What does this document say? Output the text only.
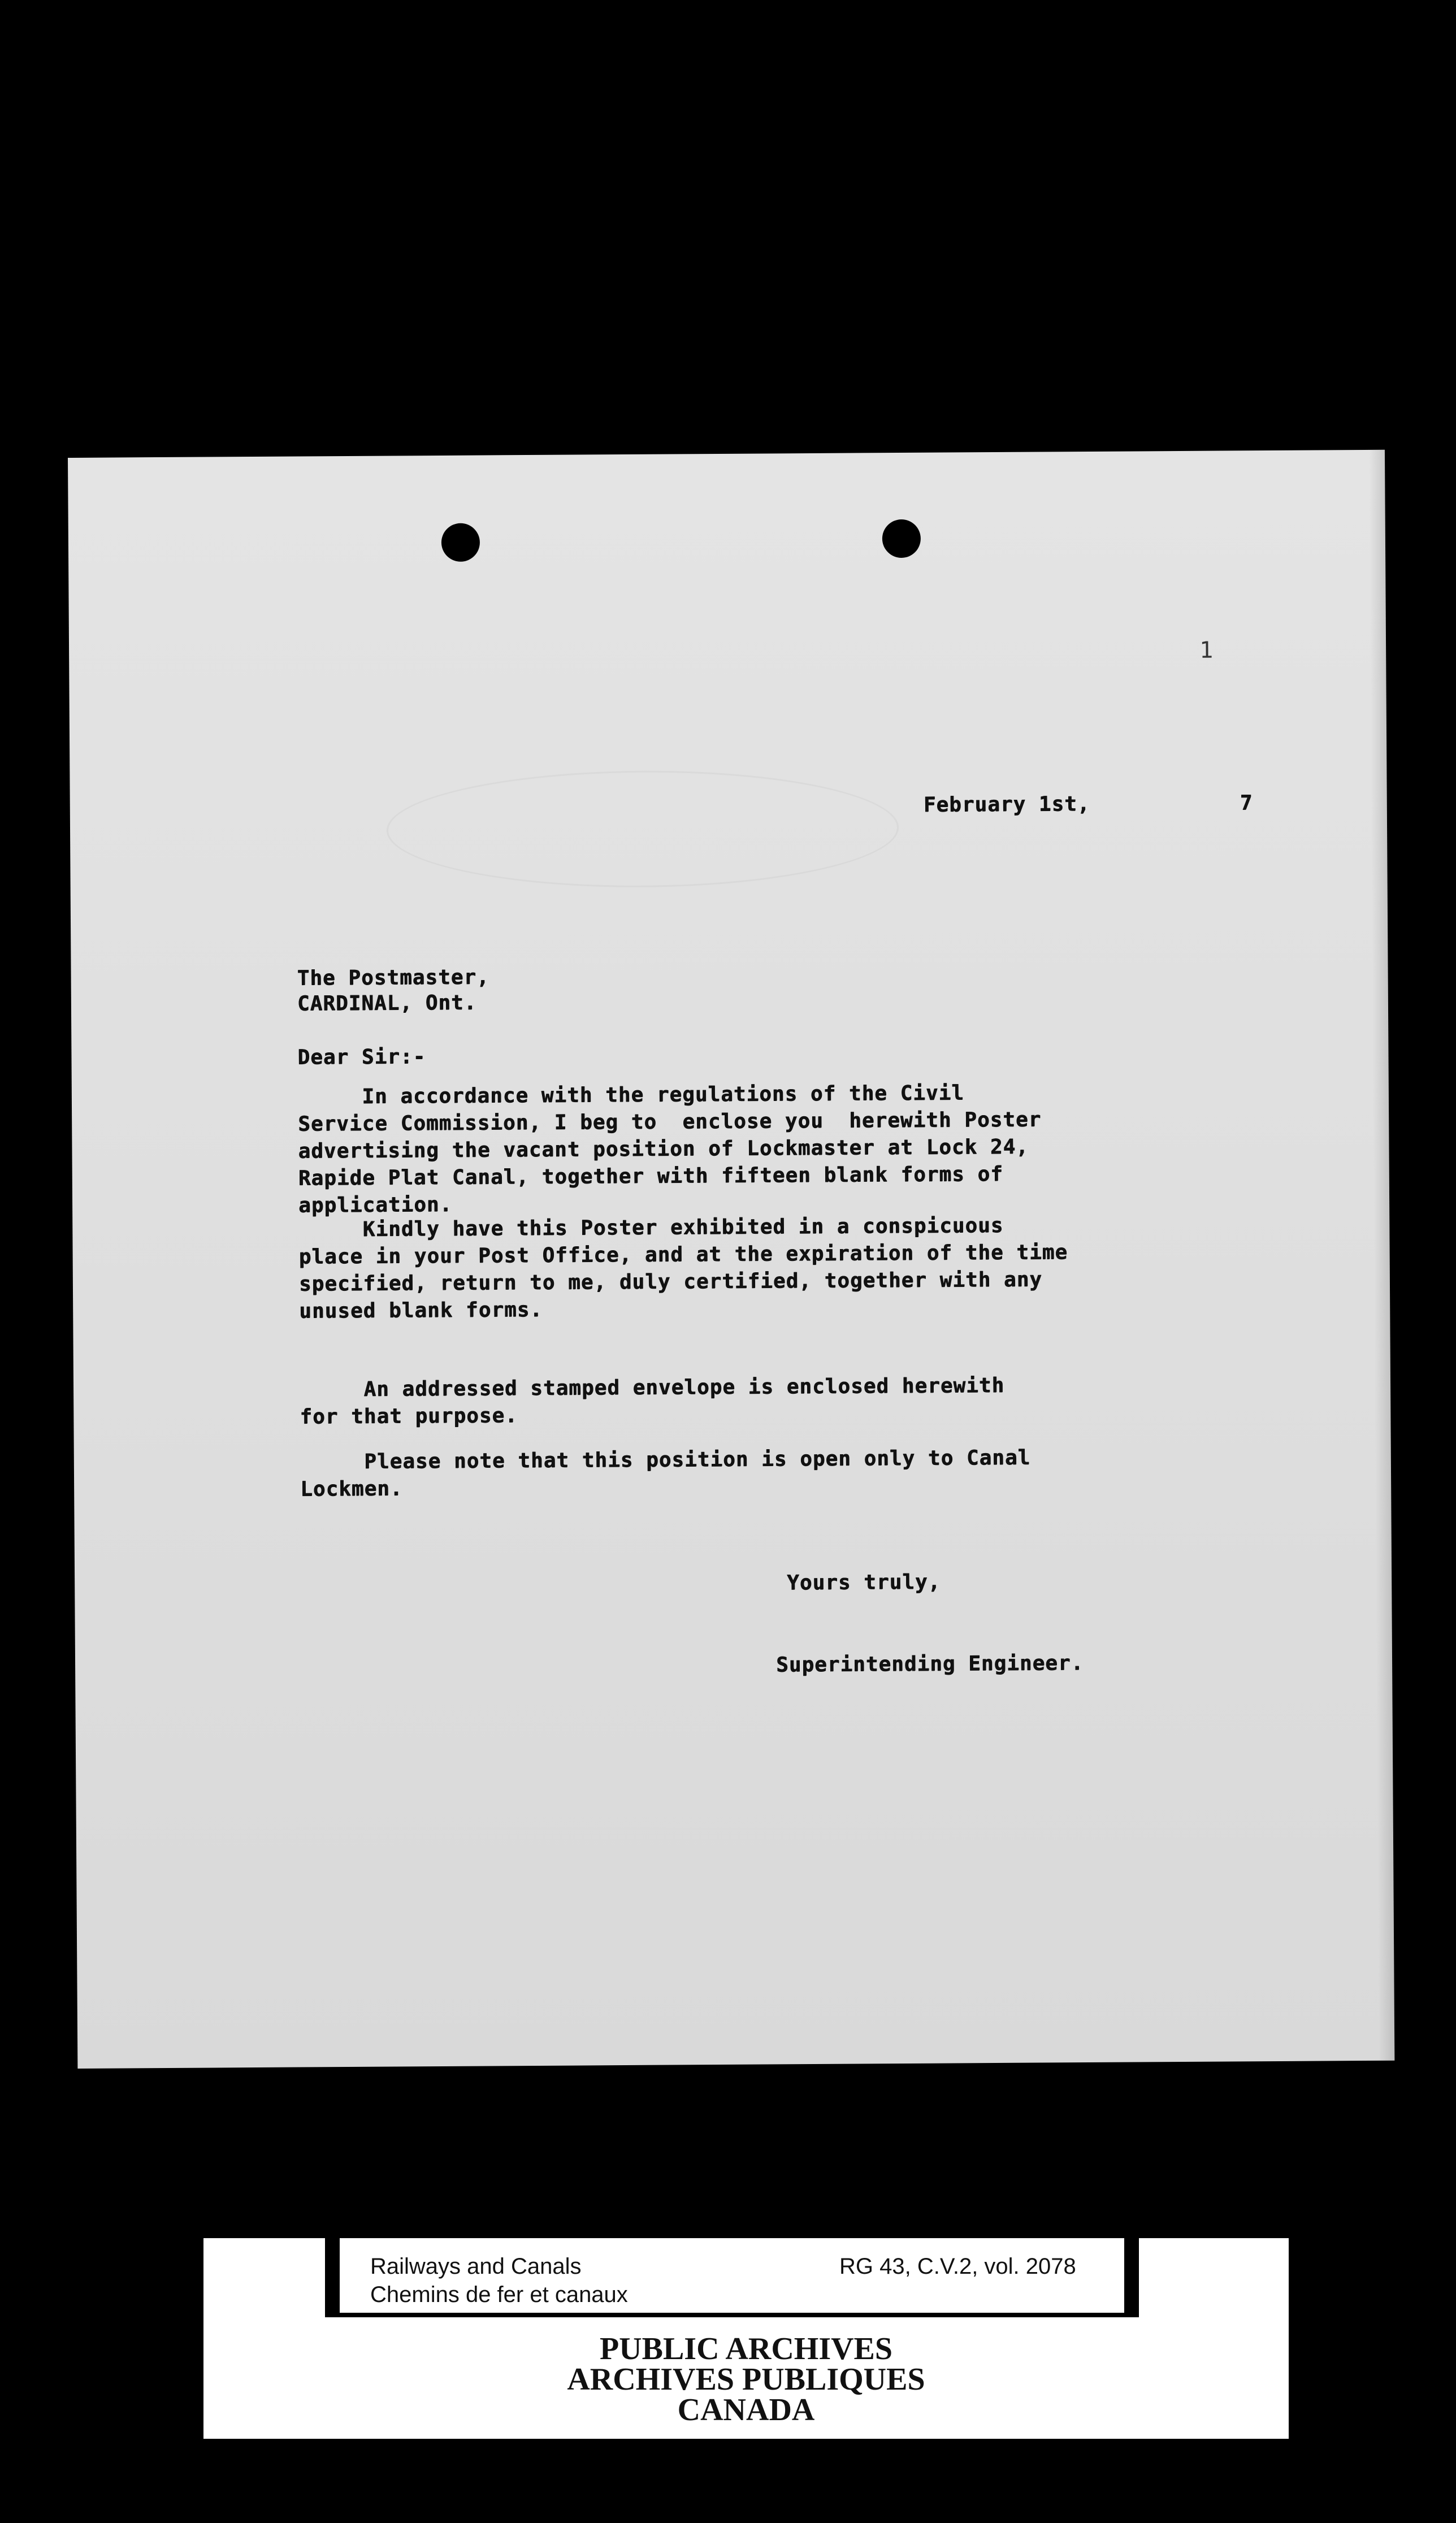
1
February 1st,	7
The Postmaster,
CARDINAL, Ont.
Dear Sir:-
In accordance with the regulations of the Civil
Service Commission, I beg to  enclose you  herewith Poster
advertising the vacant position of Lockmaster at Lock 24,
Rapide Plat Canal, together with fifteen blank forms of
application.
Kindly have this Poster exhibited in a conspicuous
place in your Post Office, and at the expiration of the time
specified, return to me, duly certified, together with any
unused blank forms.
An addressed stamped envelope is enclosed herewith
for that purpose.
Please note that this position is open only to Canal
Lockmen.
Yours truly,
Superintending Engineer.
Railways and Canals
Chemins de fer et canaux
RG 43, C.V.2, vol. 2078
PUBLIC ARCHIVES
ARCHIVES PUBLIQUES
CANADA
